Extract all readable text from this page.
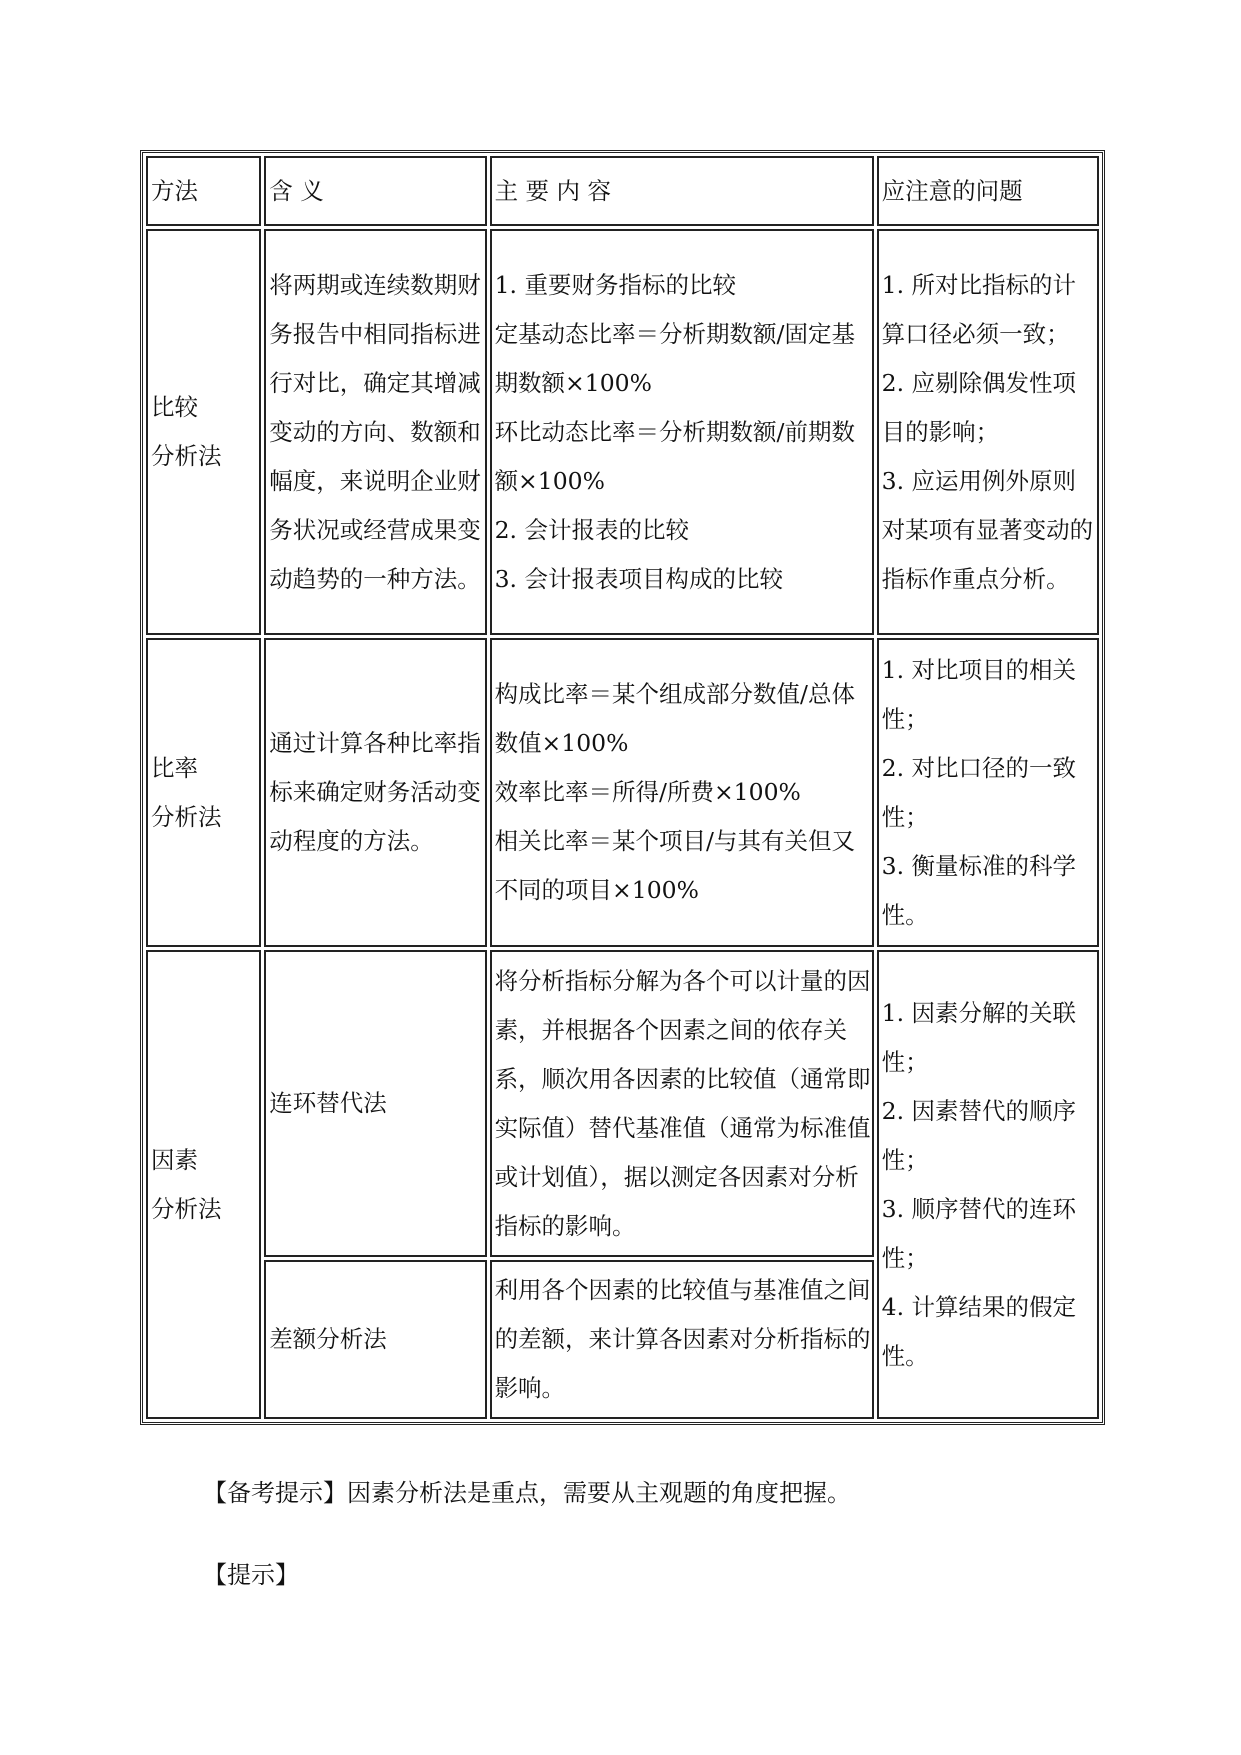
方法	含 义	主 要 内 容	应注意的问题

比较
分析法	将两期或连续数期财务报告中相同指标进行对比，确定其增减变动的方向、数额和幅度，来说明企业财务状况或经营成果变动趋势的一种方法。	1. 重要财务指标的比较
定基动态比率＝分析期数额/固定基期数额×100%
环比动态比率＝分析期数额/前期数额×100%
2. 会计报表的比较
3. 会计报表项目构成的比较	1. 所对比指标的计算口径必须一致；
2. 应剔除偶发性项目的影响；
3. 应运用例外原则对某项有显著变动的指标作重点分析。

比率
分析法	通过计算各种比率指标来确定财务活动变动程度的方法。	构成比率＝某个组成部分数值/总体数值×100%
效率比率＝所得/所费×100%
相关比率＝某个项目/与其有关但又不同的项目×100%	1. 对比项目的相关性；
2. 对比口径的一致性；
3. 衡量标准的科学性。

因素
分析法	连环替代法	将分析指标分解为各个可以计量的因素，并根据各个因素之间的依存关系，顺次用各因素的比较值（通常即实际值）替代基准值（通常为标准值或计划值），据以测定各因素对分析指标的影响。	1. 因素分解的关联性；
2. 因素替代的顺序性；
3. 顺序替代的连环性；
4. 计算结果的假定性。

	差额分析法	利用各个因素的比较值与基准值之间的差额，来计算各因素对分析指标的影响。	
【备考提示】因素分析法是重点，需要从主观题的角度把握。
【提示】
